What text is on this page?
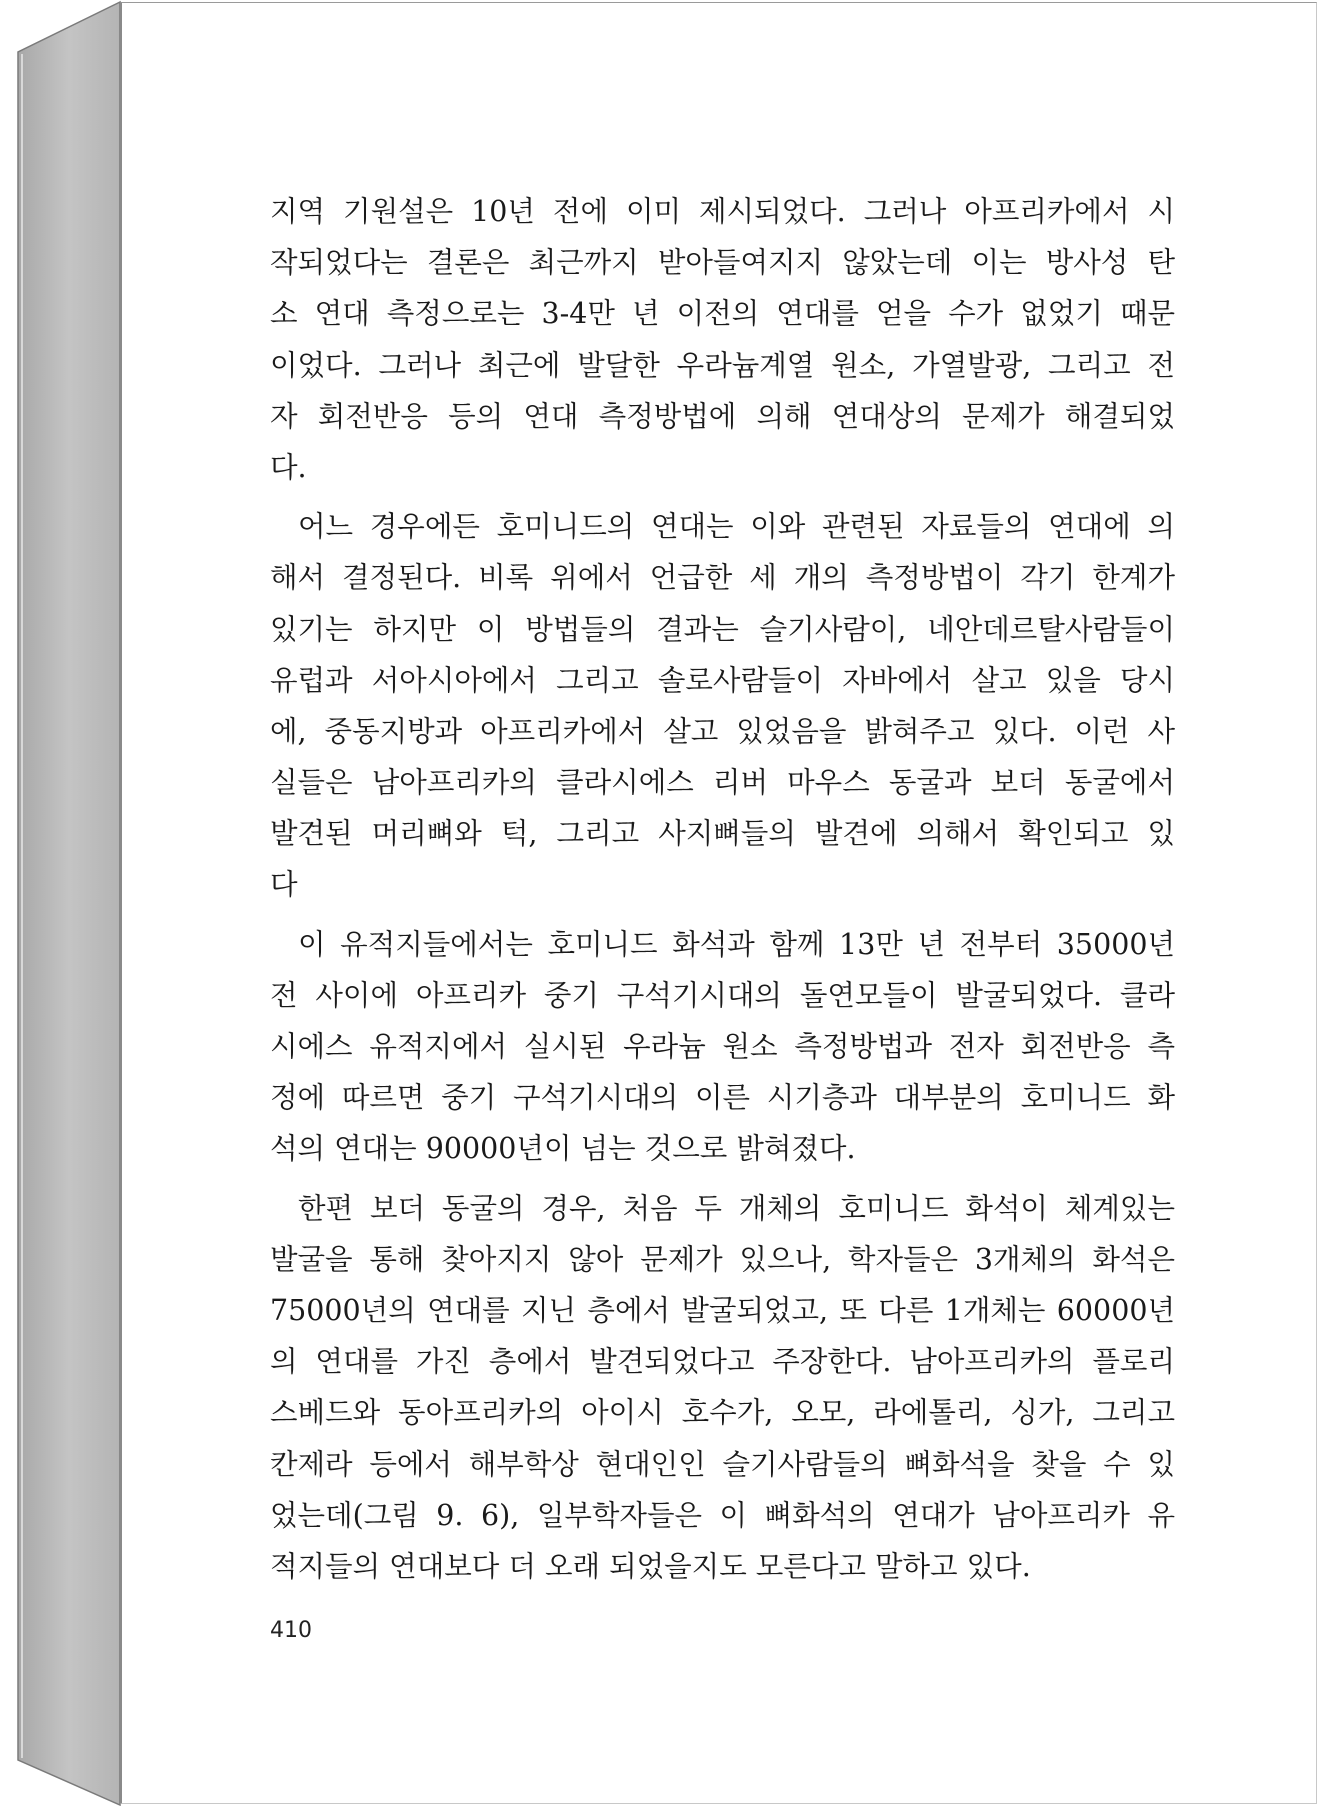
지역 기원설은 10년 전에 이미 제시되었다. 그러나 아프리카에서 시
작되었다는 결론은 최근까지 받아들여지지 않았는데 이는 방사성 탄
소 연대 측정으로는 3-4만 년 이전의 연대를 얻을 수가 없었기 때문
이었다. 그러나 최근에 발달한 우라늄계열 원소, 가열발광, 그리고 전
자 회전반응 등의 연대 측정방법에 의해 연대상의 문제가 해결되었
다.
어느 경우에든 호미니드의 연대는 이와 관련된 자료들의 연대에 의
해서 결정된다. 비록 위에서 언급한 세 개의 측정방법이 각기 한계가
있기는 하지만 이 방법들의 결과는 슬기사람이, 네안데르탈사람들이
유럽과 서아시아에서 그리고 솔로사람들이 자바에서 살고 있을 당시
에, 중동지방과 아프리카에서 살고 있었음을 밝혀주고 있다. 이런 사
실들은 남아프리카의 클라시에스 리버 마우스 동굴과 보더 동굴에서
발견된 머리뼈와 턱, 그리고 사지뼈들의 발견에 의해서 확인되고 있
다
이 유적지들에서는 호미니드 화석과 함께 13만 년 전부터 35000년
전 사이에 아프리카 중기 구석기시대의 돌연모들이 발굴되었다. 클라
시에스 유적지에서 실시된 우라늄 원소 측정방법과 전자 회전반응 측
정에 따르면 중기 구석기시대의 이른 시기층과 대부분의 호미니드 화
석의 연대는 90000년이 넘는 것으로 밝혀졌다.
한편 보더 동굴의 경우, 처음 두 개체의 호미니드 화석이 체계있는
발굴을 통해 찾아지지 않아 문제가 있으나, 학자들은 3개체의 화석은
75000년의 연대를 지닌 층에서 발굴되었고, 또 다른 1개체는 60000년
의 연대를 가진 층에서 발견되었다고 주장한다. 남아프리카의 플로리
스베드와 동아프리카의 아이시 호수가, 오모, 라에톨리, 싱가, 그리고
칸제라 등에서 해부학상 현대인인 슬기사람들의 뼈화석을 찾을 수 있
었는데(그림 9. 6), 일부학자들은 이 뼈화석의 연대가 남아프리카 유
적지들의 연대보다 더 오래 되었을지도 모른다고 말하고 있다.
410
